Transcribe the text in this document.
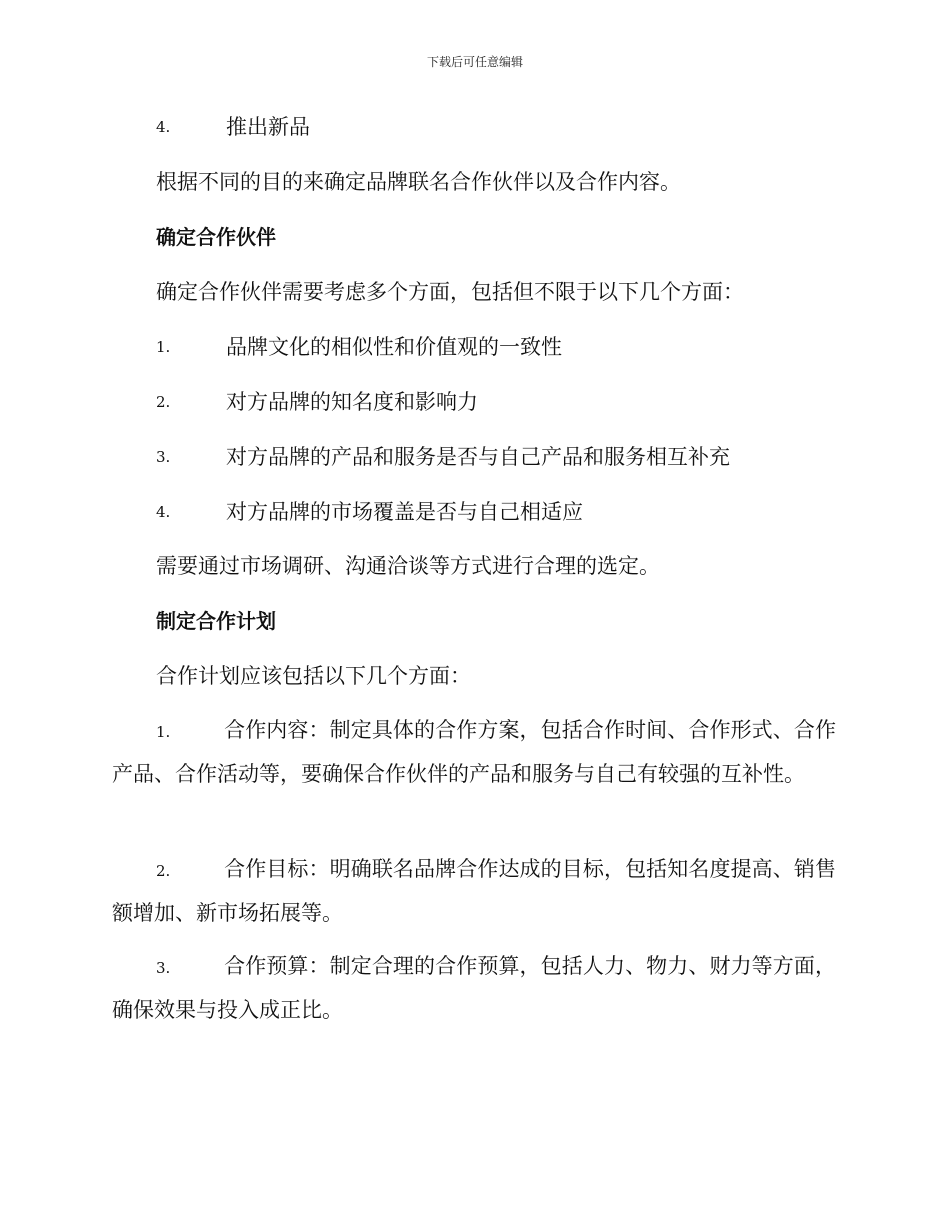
下载后可任意编辑
4.	推出新品
根据不同的目的来确定品牌联名合作伙伴以及合作内容。
确定合作伙伴
确定合作伙伴需要考虑多个方面，包括但不限于以下几个方面：
1.	品牌文化的相似性和价值观的一致性
2.	对方品牌的知名度和影响力
3.	对方品牌的产品和服务是否与自己产品和服务相互补充
4.	对方品牌的市场覆盖是否与自己相适应
需要通过市场调研、沟通洽谈等方式进行合理的选定。
制定合作计划
合作计划应该包括以下几个方面：
1.	合作内容：制定具体的合作方案，包括合作时间、合作形式、合作产品、合作活动等，要确保合作伙伴的产品和服务与自己有较强的互补性。
2.	合作目标：明确联名品牌合作达成的目标，包括知名度提高、销售额增加、新市场拓展等。
3.	合作预算：制定合理的合作预算，包括人力、物力、财力等方面，确保效果与投入成正比。
